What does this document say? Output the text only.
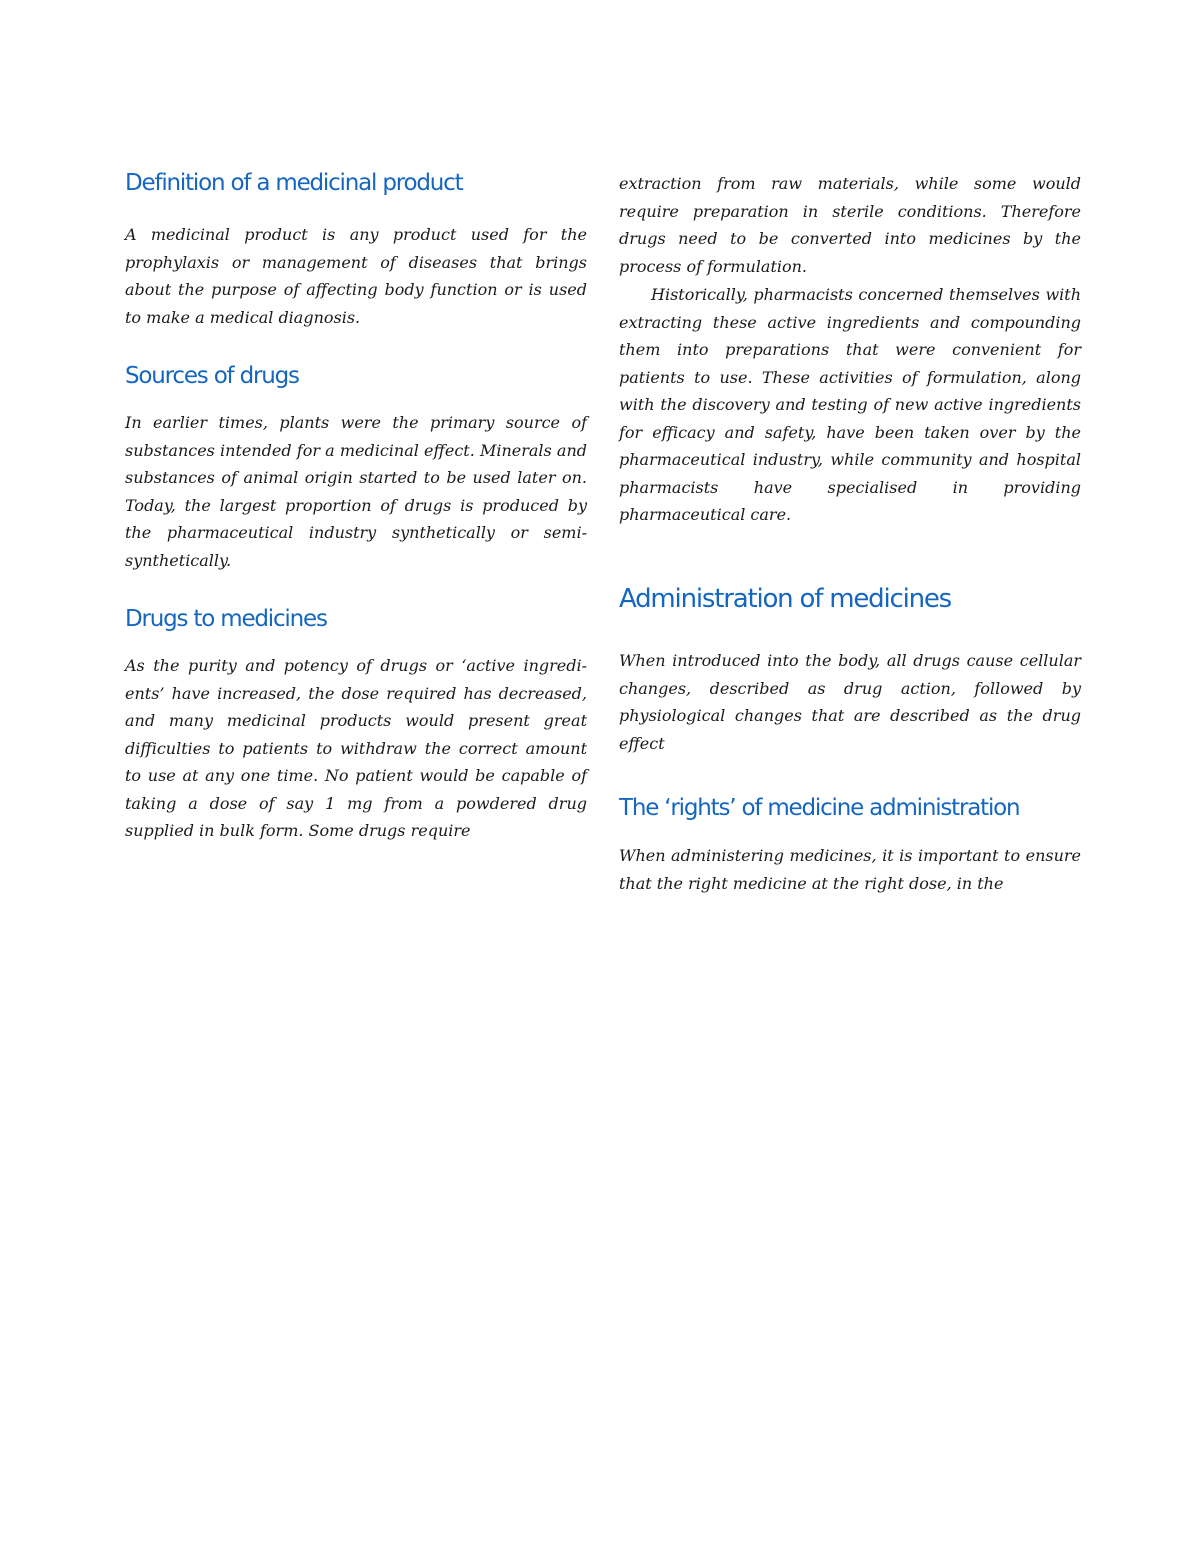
Definition of a medicinal product

A medicinal product is any product used for the prophylaxis or management of diseases that brings about the purpose of affecting body function or is used to make a medical diagnosis.

Sources of drugs

In earlier times, plants were the primary source of substances intended for a medicinal effect. Minerals and substances of animal origin started to be used later on. Today, the largest proportion of drugs is produced by the pharmaceutical industry synthetically or semi-synthetically.

Drugs to medicines

As the purity and potency of drugs or ‘active ingredients’ have increased, the dose required has decreased, and many medicinal products would present great difficulties to patients to withdraw the correct amount to use at any one time. No patient would be capable of taking a dose of say 1 mg from a powdered drug supplied in bulk form. Some drugs require

extraction from raw materials, while some would require preparation in sterile conditions. Therefore drugs need to be converted into medicines by the process of formulation.

Historically, pharmacists concerned themselves with extracting these active ingredients and compounding them into preparations that were convenient for patients to use. These activities of formulation, along with the discovery and testing of new active ingredients for efficacy and safety, have been taken over by the pharmaceutical industry, while community and hospital pharmacists have specialised in providing pharmaceutical care.

Administration of medicines

When introduced into the body, all drugs cause cellular changes, described as drug action, followed by physiological changes that are described as the drug effect

The ‘rights’ of medicine administration

When administering medicines, it is important to ensure that the right medicine at the right dose, in the
